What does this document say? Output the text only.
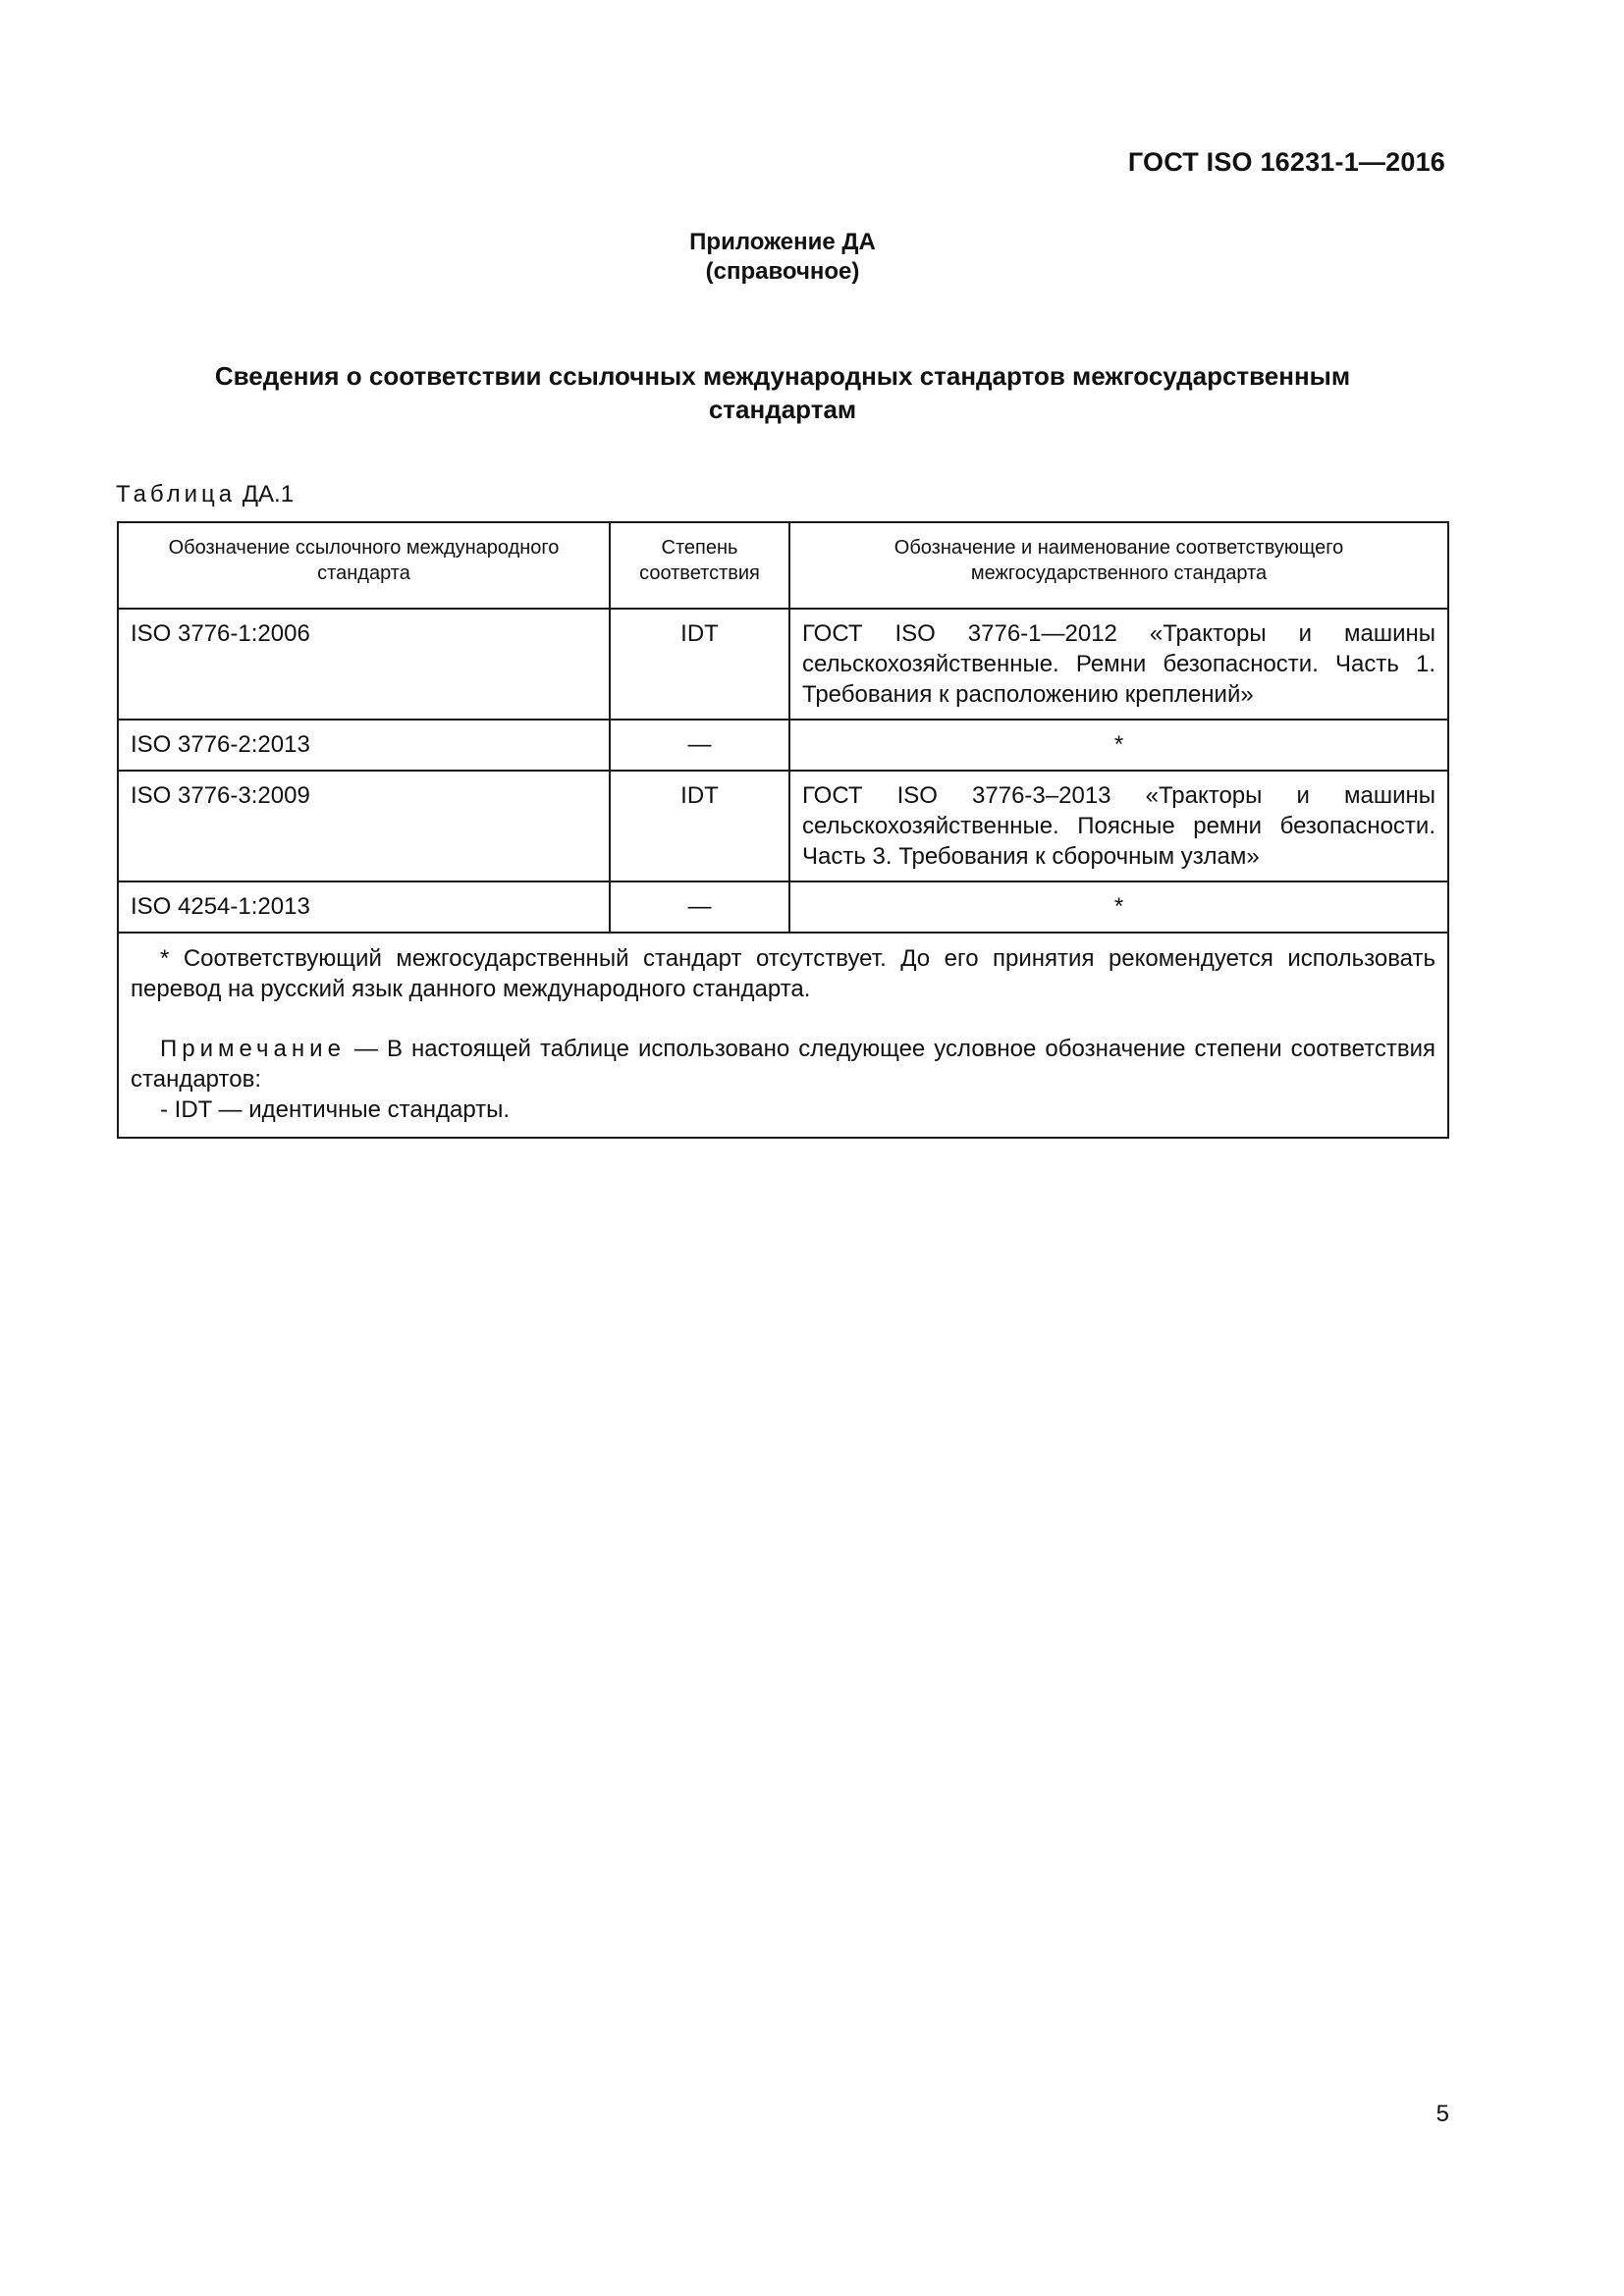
ГОСТ ISO 16231-1—2016
Приложение ДА
(справочное)
Сведения о соответствии ссылочных международных стандартов межгосударственным
стандартам
Таблица ДА.1
Обозначение ссылочного международного стандарта	Степень соответствия	Обозначение и наименование соответствующего межгосударственного стандарта
ISO 3776-1:2006	IDT	ГОСТ ISO 3776-1—2012 «Тракторы и машины сельскохозяйственные. Ремни безопасности. Часть 1. Требования к расположению креплений»
ISO 3776-2:2013	—	*
ISO 3776-3:2009	IDT	ГОСТ ISO 3776-3–2013 «Тракторы и машины сельскохозяйственные. Поясные ремни безопасности. Часть 3. Требования к сборочным узлам»
ISO 4254-1:2013	—	*

* Соответствующий межгосударственный стандарт отсутствует. До его принятия рекомендуется использовать перевод на русский язык данного международного стандарта.

Примечание — В настоящей таблице использовано следующее условное обозначение степени соответствия стандартов:

- IDT — идентичные стандарты.		

5
